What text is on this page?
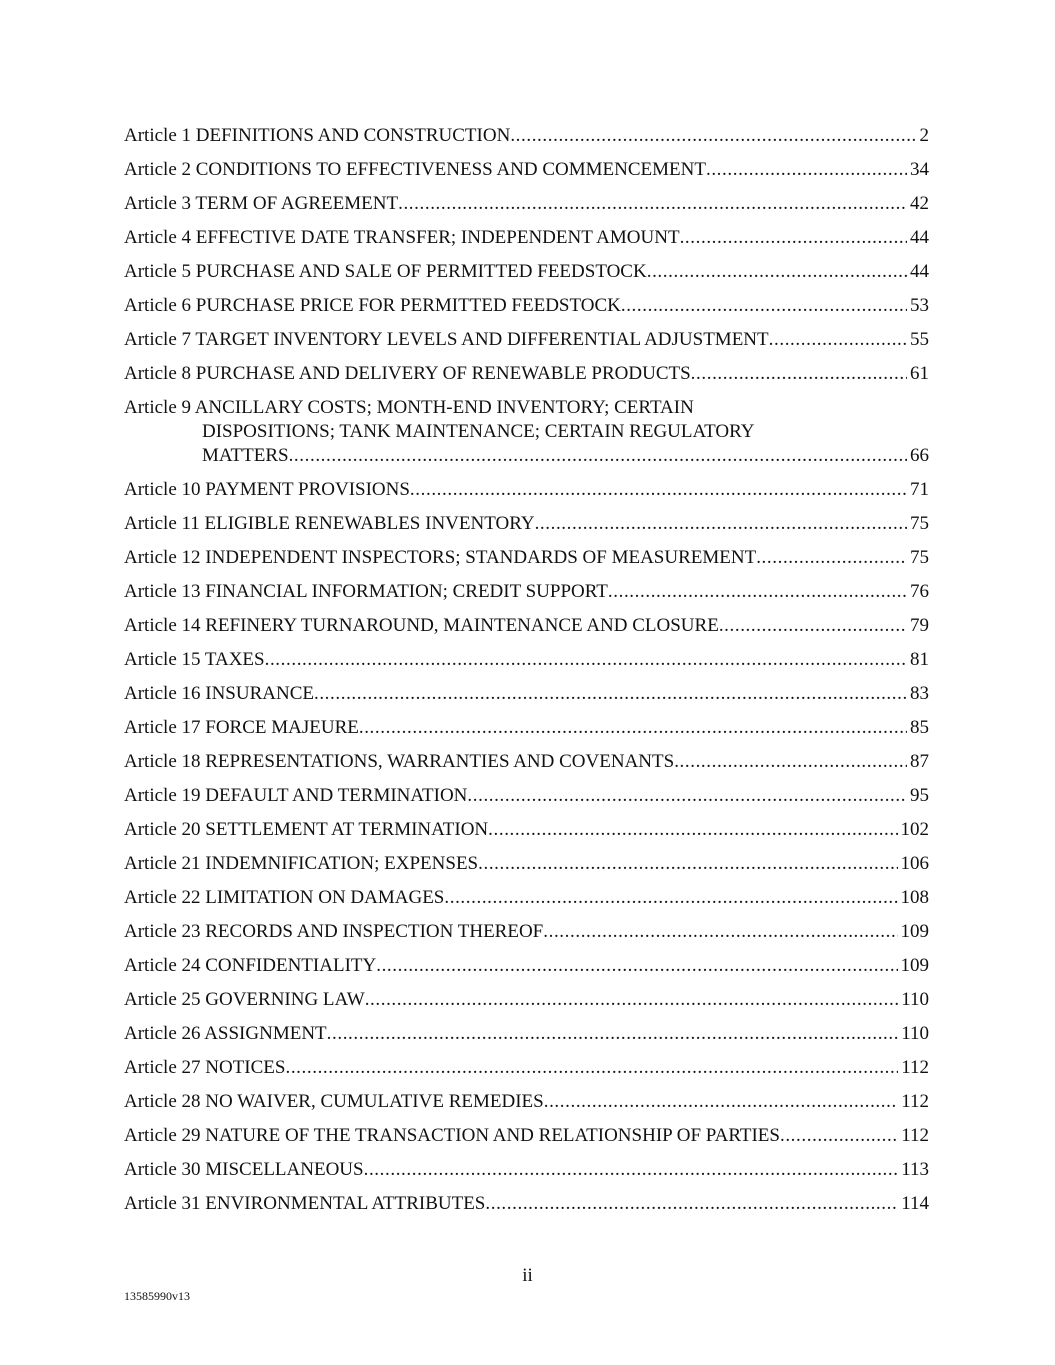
Article 1 DEFINITIONS AND CONSTRUCTION .....	2
Article 2 CONDITIONS TO EFFECTIVENESS AND COMMENCEMENT .....	34
Article 3 TERM OF AGREEMENT .....	42
Article 4 EFFECTIVE DATE TRANSFER; INDEPENDENT AMOUNT .....	44
Article 5 PURCHASE AND SALE OF PERMITTED FEEDSTOCK .....	44
Article 6 PURCHASE PRICE FOR PERMITTED FEEDSTOCK .....	53
Article 7 TARGET INVENTORY LEVELS AND DIFFERENTIAL ADJUSTMENT .....	55
Article 8 PURCHASE AND DELIVERY OF RENEWABLE PRODUCTS .....	61
Article 9 ANCILLARY COSTS; MONTH-END INVENTORY; CERTAIN
DISPOSITIONS; TANK MAINTENANCE; CERTAIN REGULATORY
MATTERS .....	66
Article 10 PAYMENT PROVISIONS .....	71
Article 11 ELIGIBLE RENEWABLES INVENTORY .....	75
Article 12 INDEPENDENT INSPECTORS; STANDARDS OF MEASUREMENT .....	75
Article 13 FINANCIAL INFORMATION; CREDIT SUPPORT .....	76
Article 14 REFINERY TURNAROUND, MAINTENANCE AND CLOSURE .....	79
Article 15 TAXES .....	81
Article 16 INSURANCE .....	83
Article 17 FORCE MAJEURE .....	85
Article 18 REPRESENTATIONS, WARRANTIES AND COVENANTS .....	87
Article 19 DEFAULT AND TERMINATION .....	95
Article 20 SETTLEMENT AT TERMINATION .....	102
Article 21 INDEMNIFICATION; EXPENSES .....	106
Article 22 LIMITATION ON DAMAGES .....	108
Article 23 RECORDS AND INSPECTION THEREOF .....	109
Article 24 CONFIDENTIALITY .....	109
Article 25 GOVERNING LAW .....	110
Article 26 ASSIGNMENT .....	110
Article 27 NOTICES .....	112
Article 28 NO WAIVER, CUMULATIVE REMEDIES .....	112
Article 29 NATURE OF THE TRANSACTION AND RELATIONSHIP OF PARTIES .....	112
Article 30 MISCELLANEOUS .....	113
Article 31 ENVIRONMENTAL ATTRIBUTES .....	114
ii
13585990v13
